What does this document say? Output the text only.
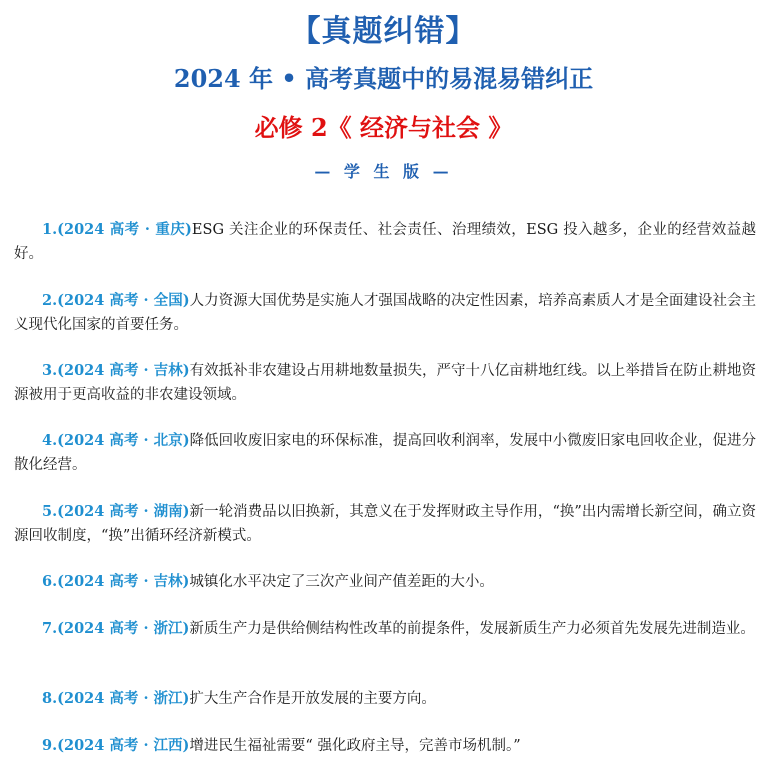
【真题纠错】
2024 年 • 高考真题中的易混易错纠正
必修 2《 经济与社会 》
— 学 生 版 —
1.(2024 高考 · 重庆)ESG 关注企业的环保责任、社会责任、治理绩效，ESG 投入越多，企业的经营效益越好。
2.(2024 高考 · 全国)人力资源大国优势是实施人才强国战略的决定性因素，培养高素质人才是全面建设社会主义现代化国家的首要任务。
3.(2024 高考 · 吉林)有效抵补非农建设占用耕地数量损失，严守十八亿亩耕地红线。以上举措旨在防止耕地资源被用于更高收益的非农建设领域。
4.(2024 高考 · 北京)降低回收废旧家电的环保标准，提高回收利润率，发展中小微废旧家电回收企业，促进分散化经营。
5.(2024 高考 · 湖南)新一轮消费品以旧换新，其意义在于发挥财政主导作用，“换”出内需增长新空间，确立资源回收制度，“换”出循环经济新模式。
6.(2024 高考 · 吉林)城镇化水平决定了三次产业间产值差距的大小。
7.(2024 高考 · 浙江)新质生产力是供给侧结构性改革的前提条件，发展新质生产力必须首先发展先进制造业。
8.(2024 高考 · 浙江)扩大生产合作是开放发展的主要方向。
9.(2024 高考 · 江西)增进民生福祉需要“ 强化政府主导，完善市场机制。”
